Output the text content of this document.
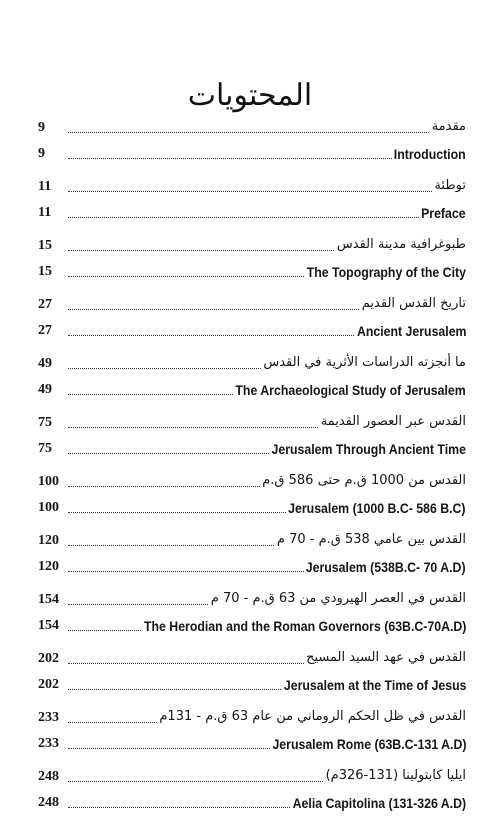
المحتويات
9	مقدمة
9	Introduction
11	توطئة
11	Preface
15	طبوغرافية مدينة القدس
15	The Topography of the City
27	تاريخ القدس القديم
27	Ancient Jerusalem
49	ما أنجزته الدراسات الأثرية في القدس
49	The Archaeological Study of Jerusalem
75	القدس عبر العصور القديمة
75	Jerusalem Through Ancient Time
100	القدس من 1000 ق.م حتى 586 ق.م
100	Jerusalem (1000 B.C- 586 B.C)
120	القدس بين عامي 538 ق.م - 70 م
120	Jerusalem (538B.C- 70 A.D)
154	القدس في العصر الهيرودي من 63 ق.م - 70 م
154	The Herodian and the Roman Governors (63B.C-70A.D)
202	القدس في عهد السيد المسيح
202	Jerusalem at the Time of Jesus
233	القدس في ظل الحكم الروماني من عام 63 ق.م - 131م
233	Jerusalem Rome (63B.C-131 A.D)
248	ايليا كابتولينا (131-326م)
248	Aelia Capitolina (131-326 A.D)
